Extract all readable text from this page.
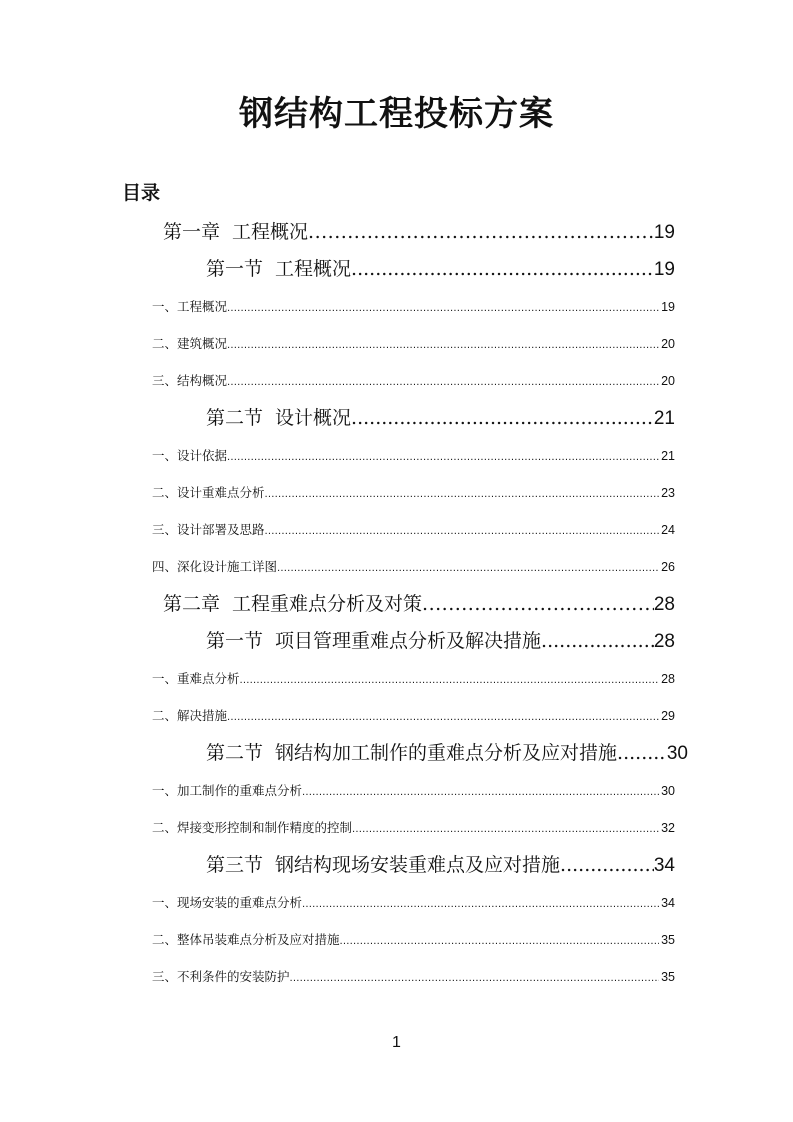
钢结构工程投标方案
目录
第一章 工程概况 .....	19
第一节 工程概况 .....	19
一、工程概况 .....	19
二、建筑概况 .....	20
三、结构概况 .....	20
第二节 设计概况 .....	21
一、设计依据 .....	21
二、设计重难点分析 .....	23
三、设计部署及思路 .....	24
四、深化设计施工详图 .....	26
第二章 工程重难点分析及对策 .....	28
第一节 项目管理重难点分析及解决措施 .....	28
一、重难点分析 .....	28
二、解决措施 .....	29
第二节 钢结构加工制作的重难点分析及应对措施 .....	30
一、加工制作的重难点分析 .....	30
二、焊接变形控制和制作精度的控制 .....	32
第三节 钢结构现场安装重难点及应对措施 .....	34
一、现场安装的重难点分析 .....	34
二、整体吊装难点分析及应对措施 .....	35
三、不利条件的安装防护 .....	35
1
